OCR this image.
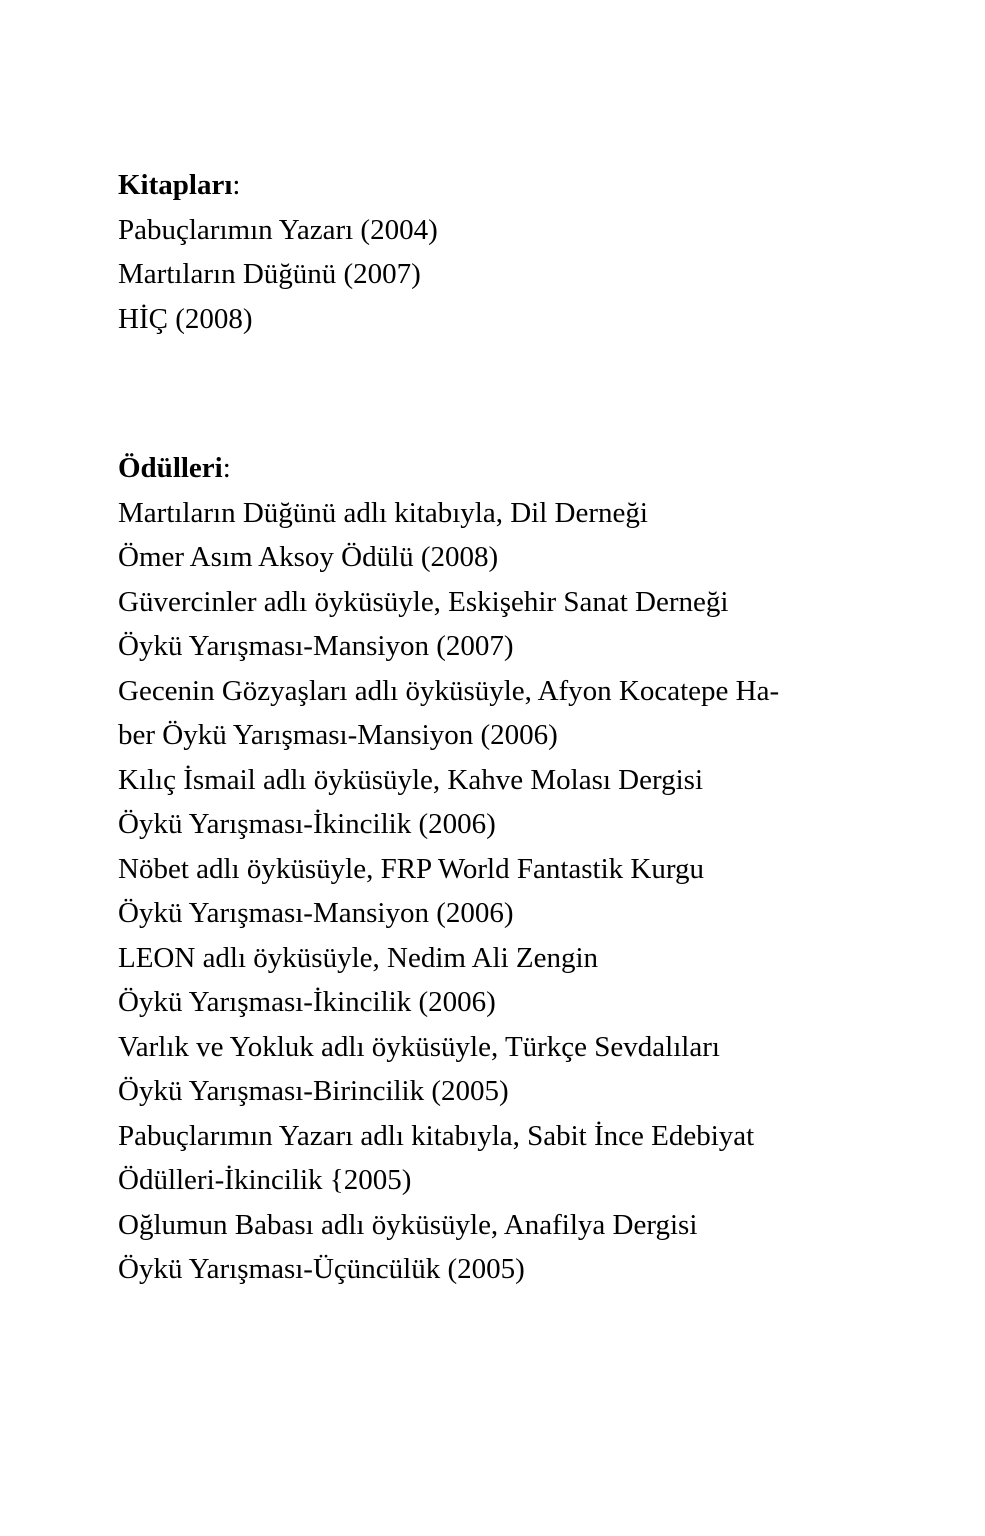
Kitapları:

Pabuçlarımın Yazarı (2004)

Martıların Düğünü (2007)

HİÇ (2008)

Ödülleri:

Martıların Düğünü adlı kitabıyla, Dil Derneği

Ömer Asım Aksoy Ödülü (2008)

Güvercinler adlı öyküsüyle, Eskişehir Sanat Derneği

Öykü Yarışması-Mansiyon (2007)

Gecenin Gözyaşları adlı öyküsüyle, Afyon Kocatepe Ha-

ber Öykü Yarışması-Mansiyon (2006)

Kılıç İsmail adlı öyküsüyle, Kahve Molası Dergisi

Öykü Yarışması-İkincilik (2006)

Nöbet adlı öyküsüyle, FRP World Fantastik Kurgu

Öykü Yarışması-Mansiyon (2006)

LEON adlı öyküsüyle, Nedim Ali Zengin

Öykü Yarışması-İkincilik (2006)

Varlık ve Yokluk adlı öyküsüyle, Türkçe Sevdalıları

Öykü Yarışması-Birincilik (2005)

Pabuçlarımın Yazarı adlı kitabıyla, Sabit İnce Edebiyat

Ödülleri-İkincilik {2005)

Oğlumun Babası adlı öyküsüyle, Anafilya Dergisi

Öykü Yarışması-Üçüncülük (2005)
